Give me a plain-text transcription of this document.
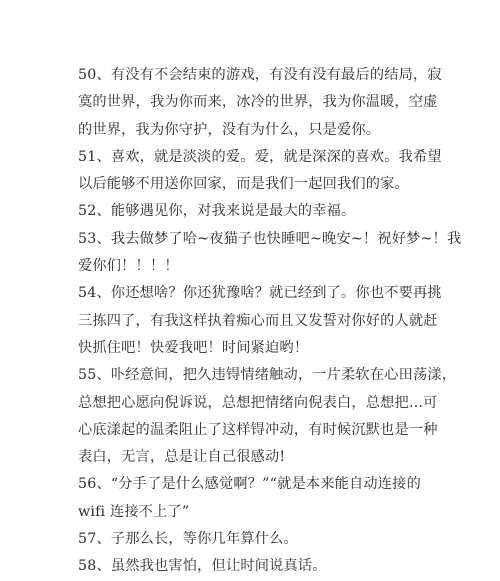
50、有没有不会结束的游戏，有没有没有最后的结局，寂
寞的世界，我为你而来，冰冷的世界，我为你温暖，空虚
的世界，我为你守护，没有为什么，只是爱你。
51、喜欢，就是淡淡的爱。爱，就是深深的喜欢。我希望
以后能够不用送你回家，而是我们一起回我们的家。
52、能够遇见你，对我来说是最大的幸福。
53、我去做梦了哈~夜猫子也快睡吧~晚安~！祝好梦~！我
爱你们！！！！
54、你还想啥？你还犹豫啥？就已经到了。你也不要再挑
三拣四了，有我这样执着痴心而且又发誓对你好的人就赶
快抓住吧！快爱我吧！时间紧迫哟！
55、卟经意间，把久违锝情绪触动，一片柔软在心田荡漾，
总想把心愿向倪诉说，总想把情绪向倪表白，总想把…可
心底漾起的温柔阻止了这样锝冲动，有时候沉默也是一种
表白，无言，总是让自己很感动!
56、“分手了是什么感觉啊？”“就是本来能自动连接的
wifi 连接不上了”
57、子那么长，等你几年算什么。
58、虽然我也害怕，但让时间说真话。
